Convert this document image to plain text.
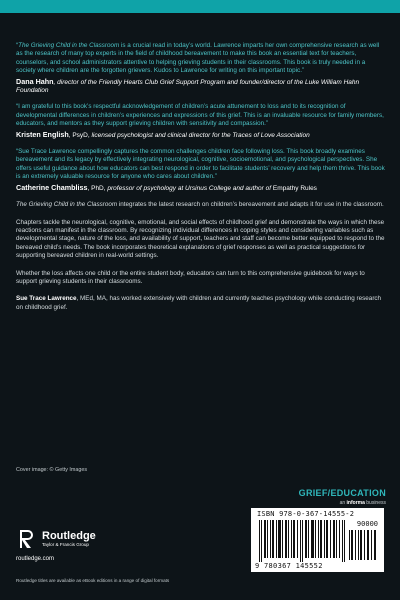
“The Grieving Child in the Classroom is a crucial read in today’s world. Lawrence imparts her own comprehensive research as well as the research of many top experts in the field of childhood bereavement to make this book an essential text for teachers, counselors, and school administrators attentive to helping grieving students in their classrooms. This book is truly needed in a society where children are the forgotten grievers. Kudos to Lawrence for writing on this important topic.”

Dana Hahn, director of the Friendly Hearts Club Grief Support Program and founder/director of the Luke William Hahn Foundation

“I am grateful to this book’s respectful acknowledgement of children’s acute attunement to loss and to its recognition of developmental differences in children’s experiences and expressions of this grief. This is an invaluable resource for family members, educators, and mentors as they support grieving children with sensitivity and compassion.”

Kristen English, PsyD, licensed psychologist and clinical director for the Traces of Love Association

“Sue Trace Lawrence compellingly captures the common challenges children face following loss. This book broadly examines bereavement and its legacy by effectively integrating neurological, cognitive, socioemotional, and psychological perspectives. She offers useful guidance about how educators can best respond in order to facilitate students’ recovery and help them thrive. This book is an extremely valuable resource for anyone who cares about children.”

Catherine Chambliss, PhD, professor of psychology at Ursinus College and author of Empathy Rules

The Grieving Child in the Classroom integrates the latest research on children’s bereavement and adapts it for use in the classroom.

Chapters tackle the neurological, cognitive, emotional, and social effects of childhood grief and demonstrate the ways in which these reactions can manifest in the classroom. By recognizing individual differences in coping styles and considering variables such as developmental stage, nature of the loss, and availability of support, teachers and staff can become better equipped to respond to the bereaved child’s needs. The book incorporates theoretical explanations of grief responses as well as practical suggestions for supporting bereaved children in real-world settings.

Whether the loss affects one child or the entire student body, educators can turn to this comprehensive guidebook for ways to support grieving students in their classrooms.

Sue Trace Lawrence, MEd, MA, has worked extensively with children and currently teaches psychology while conducting research on childhood grief.

Cover image: © Getty Images
GRIEF/EDUCATION
an informa business
ISBN 978-0-367-14555-2
90000
9 780367 145552
Routledge
Taylor & Francis Group
routledge.com
Routledge titles are available as eBook editions in a range of digital formats
